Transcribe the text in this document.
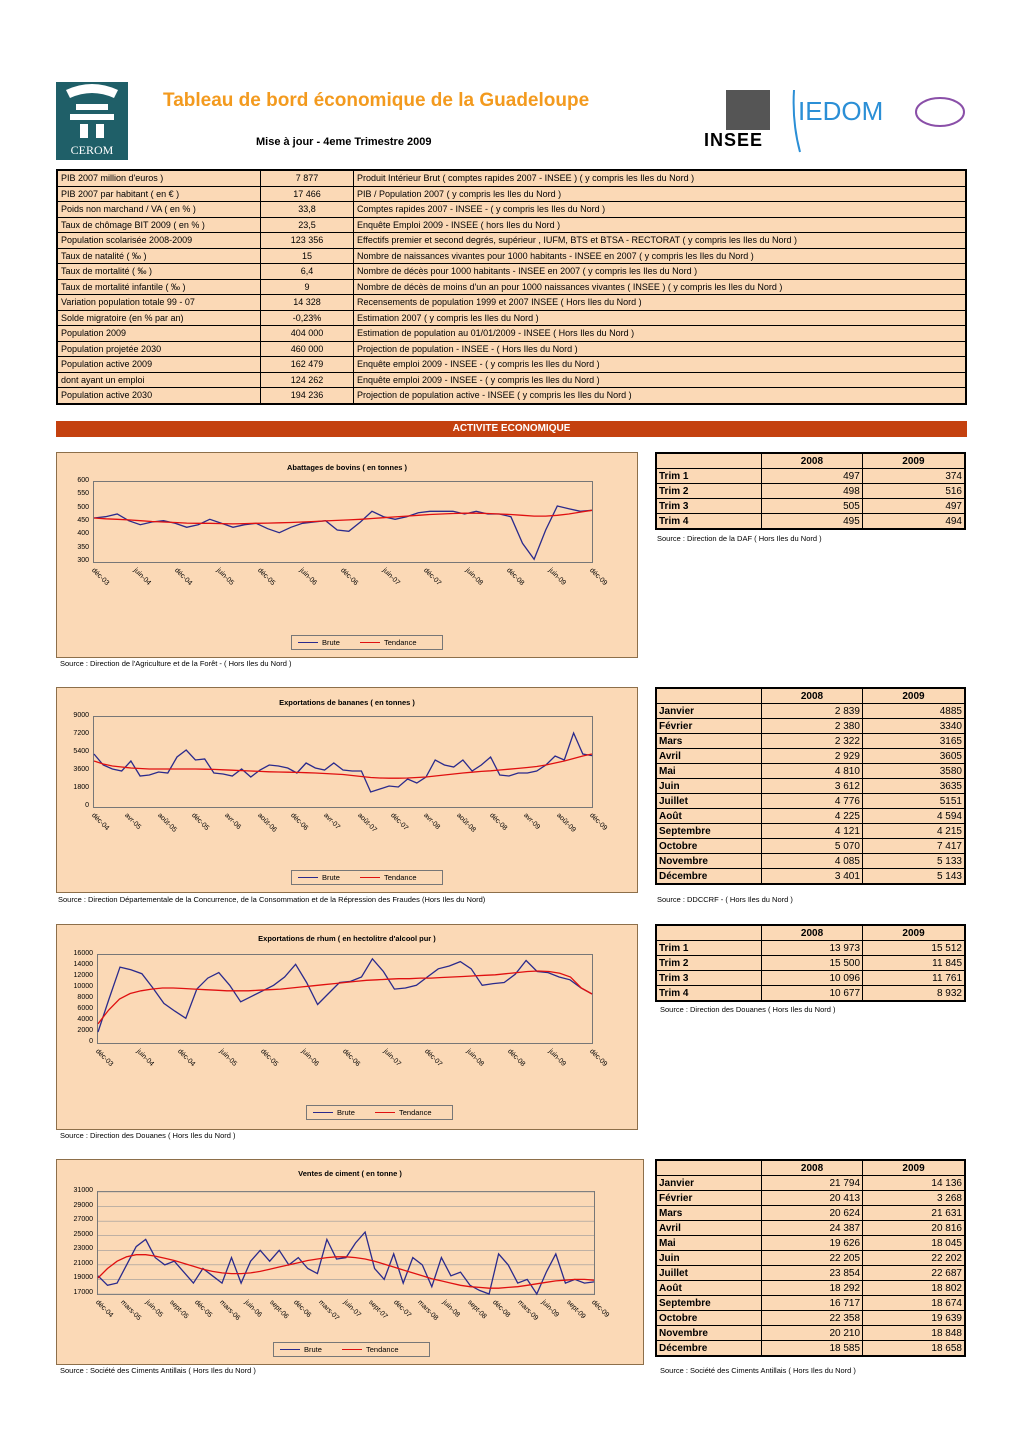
CEROM
Tableau de bord économique de la Guadeloupe
Mise à jour - 4eme Trimestre 2009	INSEE
IEDOM
PIB 2007 million d'euros )	7 877	Produit Intérieur Brut ( comptes rapides 2007 - INSEE ) ( y compris les Iles du Nord )
PIB 2007 par habitant ( en € )	17 466	PIB / Population 2007 ( y compris les Iles du Nord )
Poids non marchand / VA ( en % )	33,8	Comptes rapides 2007 - INSEE - ( y compris les Iles du Nord )
Taux de chômage BIT 2009 ( en % )	23,5	Enquête Emploi 2009 - INSEE ( hors Iles du Nord )
Population scolarisée 2008-2009	123 356	Effectifs premier et second degrés, supérieur , IUFM, BTS et BTSA - RECTORAT ( y compris les Iles du Nord )
Taux de natalité ( ‰ )	15	Nombre de naissances vivantes pour 1000 habitants - INSEE en 2007 ( y compris les Iles du Nord )
Taux de mortalité ( ‰ )	6,4	Nombre de décès pour 1000 habitants - INSEE en 2007 ( y compris les Iles du Nord )
Taux de mortalité infantile ( ‰ )	9	Nombre de décès de moins d'un an pour 1000 naissances vivantes ( INSEE ) ( y compris les Iles du Nord )
Variation population totale 99 - 07	14 328	Recensements de population 1999 et 2007 INSEE ( Hors Iles du Nord )
Solde migratoire (en % par an)	-0,23%	Estimation 2007 ( y compris les Iles du Nord )
Population 2009	404 000	Estimation de population au 01/01/2009 - INSEE ( Hors Iles du Nord )
Population projetée 2030	460 000	Projection de population - INSEE - ( Hors Iles du Nord )
Population active 2009	162 479	Enquête emploi 2009 - INSEE - ( y compris les Iles du Nord )
dont ayant un emploi	124 262	Enquête emploi 2009 - INSEE - ( y compris les Iles du Nord )
Population active 2030	194 236	Projection de population active - INSEE ( y compris les Iles du Nord )
ACTIVITE ECONOMIQUE
Abattages de bovins ( en tonnes )
300
350
400
450
500
550
600
déc-03	juin-04	déc-04	juin-05	déc-05	juin-06	déc-06	juin-07	déc-07	juin-08	déc-08	juin-09	déc-09
Brute	Tendance
Source : Direction de l'Agriculture et de la Forêt - ( Hors Iles du Nord )
Exportations de bananes ( en tonnes )
0
1800
3600
5400
7200
9000
déc-04 avr-05 août-05 déc-05 avr-06 août-06 déc-06 avr-07 août-07 déc-07 avr-08 août-08 déc-08 avr-09 août-09 déc-09
Brute	Tendance
Source : Direction Départementale de la Concurrence, de la Consommation et de la Répression des Fraudes (Hors Iles du Nord)
Exportations de rhum ( en hectolitre d'alcool pur )
0
2000
4000
6000
8000
10000
12000
14000
16000
déc-03	juin-04	déc-04	juin-05	déc-05	juin-06	déc-06	juin-07	déc-07	juin-08	déc-08	juin-09	déc-09
Brute	Tendance
Source : Direction des Douanes ( Hors Iles du Nord )
Ventes de ciment ( en tonne )
17000
19000
21000
23000
25000
27000
29000
31000
déc-04 mars-05 juin-05 sept-05 déc-05 mars-06 juin-06 sept-06 déc-06 mars-07 juin-07 sept-07 déc-07 mars-08 juin-08 sept-08 déc-08 mars-09 juin-09 sept-09 déc-09
Brute	Tendance
Source : Société des Ciments Antillais ( Hors Iles du Nord )
	2008	2009
Trim 1	497	374
Trim 2	498	516
Trim 3	505	497
Trim 4	495	494
Source : Direction de la DAF ( Hors Iles du Nord )
	2008	2009
Janvier	2 839	4885
Février	2 380	3340
Mars	2 322	3165
Avril	2 929	3605
Mai	4 810	3580
Juin	3 612	3635
Juillet	4 776	5151
Août	4 225	4 594
Septembre	4 121	4 215
Octobre	5 070	7 417
Novembre	4 085	5 133
Décembre	3 401	5 143
Source : DDCCRF - ( Hors Iles du Nord )
	2008	2009
Trim 1	13 973	15 512
Trim 2	15 500	11 845
Trim 3	10 096	11 761
Trim 4	10 677	8 932
Source : Direction des Douanes ( Hors Iles du Nord )
	2008	2009
Janvier	21 794	14 136
Février	20 413	3 268
Mars	20 624	21 631
Avril	24 387	20 816
Mai	19 626	18 045
Juin	22 205	22 202
Juillet	23 854	22 687
Août	18 292	18 802
Septembre	16 717	18 674
Octobre	22 358	19 639
Novembre	20 210	18 848
Décembre	18 585	18 658
Source : Société des Ciments Antillais ( Hors Iles du Nord )
